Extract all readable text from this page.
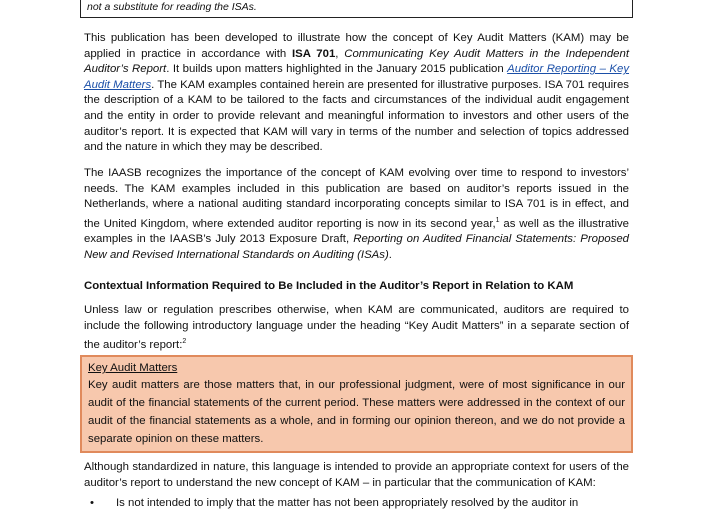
not a substitute for reading the ISAs.

This publication has been developed to illustrate how the concept of Key Audit Matters (KAM) may be applied in practice in accordance with ISA 701, Communicating Key Audit Matters in the Independent Auditor’s Report. It builds upon matters highlighted in the January 2015 publication Auditor Reporting – Key Audit Matters. The KAM examples contained herein are presented for illustrative purposes. ISA 701 requires the description of a KAM to be tailored to the facts and circumstances of the individual audit engagement and the entity in order to provide relevant and meaningful information to investors and other users of the auditor’s report. It is expected that KAM will vary in terms of the number and selection of topics addressed and the nature in which they may be described.

The IAASB recognizes the importance of the concept of KAM evolving over time to respond to investors’ needs. The KAM examples included in this publication are based on auditor’s reports issued in the Netherlands, where a national auditing standard incorporating concepts similar to ISA 701 is in effect, and the United Kingdom, where extended auditor reporting is now in its second year,$^1$ as well as the illustrative examples in the IAASB’s July 2013 Exposure Draft, Reporting on Audited Financial Statements: Proposed New and Revised International Standards on Auditing (ISAs).

Contextual Information Required to Be Included in the Auditor’s Report in Relation to KAM

Unless law or regulation prescribes otherwise, when KAM are communicated, auditors are required to include the following introductory language under the heading “Key Audit Matters” in a separate section of the auditor’s report:$^2$

Key Audit Matters

Key audit matters are those matters that, in our professional judgment, were of most significance in our audit of the financial statements of the current period. These matters were addressed in the context of our audit of the financial statements as a whole, and in forming our opinion thereon, and we do not provide a separate opinion on these matters.

Although standardized in nature, this language is intended to provide an appropriate context for users of the auditor’s report to understand the new concept of KAM – in particular that the communication of KAM:

• Is not intended to imply that the matter has not been appropriately resolved by the auditor in
